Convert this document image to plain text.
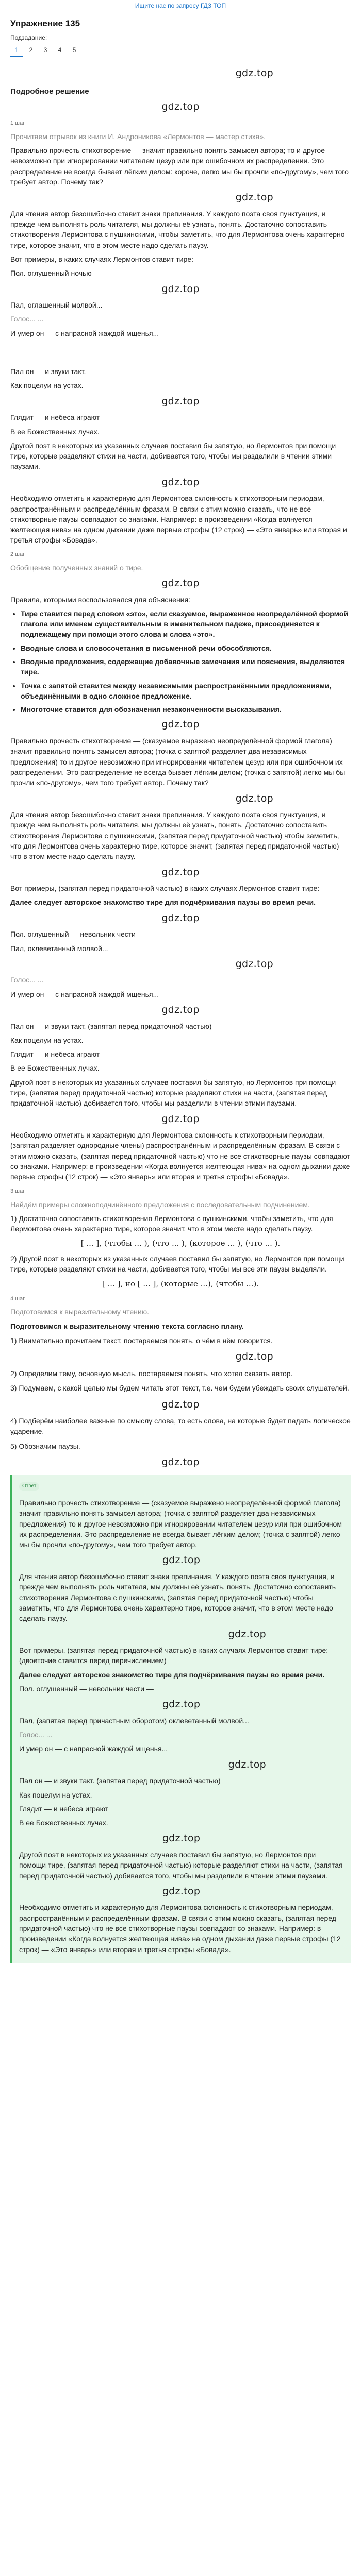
Ищите нас по запросу ГДЗ ТОП
Упражнение 135
Подзадание:
1	2	3	4	5
gdz.top
Подробное решение
gdz.top
1 шаг

Прочитаем отрывок из книги И. Андроникова «Лермонтов — мастер стиха».

Правильно прочесть стихотворение — значит правильно понять замысел автора; то и другое невозможно при игнорировании читателем цезур или при ошибочном их распределении. Это распределение не всегда бывает лёгким делом: короче, легко мы бы прочли «по-другому», чем того требует автор. Почему так?

gdz.top

Для чтения автор безошибочно ставит знаки препинания. У каждого поэта своя пунктуация, и прежде чем выполнять роль читателя, мы должны её узнать, понять. Достаточно сопоставить стихотворения Лермонтова с пушкинскими, чтобы заметить, что для Лермонтова очень характерно тире, которое значит, что в этом месте надо сделать паузу.

Вот примеры, в каких случаях Лермонтов ставит тире:

Пол. оглушенный ночью —

gdz.top

Пал, оглашенный молвой...

Голос... ...

И умер он — с напрасной жаждой мщенья...

Пал он — и звуки такт.

Как поцелуи на устах.

gdz.top

Глядит — и небеса играют

В ее Божественных лучах.

Другой поэт в некоторых из указанных случаев поставил бы запятую, но Лермонтов при помощи тире, которые разделяют стихи на части, добивается того, чтобы мы разделили в чтении этими паузами.

gdz.top

Необходимо отметить и характерную для Лермонтова склонность к стихотворным периодам, распространённым и распределённым фразам. В связи с этим можно сказать, что не все стихотворные паузы совпадают со знаками. Например: в произведении «Когда волнуется желтеющая нива» на одном дыхании даже первые строфы (12 строк) — «Это январь» или вторая и третья строфы «Бовада».

2 шаг

Обобщение полученных знаний о тире.

gdz.top

Правила, которыми воспользовался для объяснения:

• Тире ставится перед словом «это», если сказуемое, выраженное неопределённой формой глагола или именем существительным в именительном падеже, присоединяется к подлежащему при помощи этого слова и слова «это».
• Вводные слова и словосочетания в письменной речи обособляются.
• Вводные предложения, содержащие добавочные замечания или пояснения, выделяются тире.
• Точка с запятой ставится между независимыми распространёнными предложениями, объединёнными в одно сложное предложение.
• Многоточие ставится для обозначения незаконченности высказывания.
gdz.top

Правильно прочесть стихотворение — (сказуемое выражено неопределённой формой глагола) значит правильно понять замысел автора; (точка с запятой разделяет два независимых предложения) то и другое невозможно при игнорировании читателем цезур или при ошибочном их распределении. Это распределение не всегда бывает лёгким делом; (точка с запятой) легко мы бы прочли «по-другому», чем того требует автор. Почему так?

gdz.top

Для чтения автор безошибочно ставит знаки препинания. У каждого поэта своя пунктуация, и прежде чем выполнять роль читателя, мы должны её узнать, понять. Достаточно сопоставить стихотворения Лермонтова с пушкинскими, (запятая перед придаточной частью) чтобы заметить, что для Лермонтова очень характерно тире, которое значит, (запятая перед придаточной частью) что в этом месте надо сделать паузу.

gdz.top

Вот примеры, (запятая перед придаточной частью) в каких случаях Лермонтов ставит тире:

Далее следует авторское знакомство тире для подчёркивания паузы во время речи.

gdz.top

Пол. оглушенный — невольник чести —

Пал, оклеветанный молвой...

gdz.top

Голос... ...

И умер он — с напрасной жаждой мщенья...

gdz.top

Пал он — и звуки такт. (запятая перед придаточной частью)

Как поцелуи на устах.

Глядит — и небеса играют

В ее Божественных лучах.

Другой поэт в некоторых из указанных случаев поставил бы запятую, но Лермонтов при помощи тире, (запятая перед придаточной частью) которые разделяют стихи на части, (запятая перед придаточной частью) добивается того, чтобы мы разделили в чтении этими паузами.

gdz.top

Необходимо отметить и характерную для Лермонтова склонность к стихотворным периодам, (запятая разделяет однородные члены) распространённым и распределённым фразам. В связи с этим можно сказать, (запятая перед придаточной частью) что не все стихотворные паузы совпадают со знаками. Например: в произведении «Когда волнуется желтеющая нива» на одном дыхании даже первые строфы (12 строк) — «Это январь» или вторая и третья строфы «Бовада».

3 шаг

Найдём примеры сложноподчинённого предложения с последовательным подчинением.

1) Достаточно сопоставить стихотворения Лермонтова с пушкинскими, чтобы заметить, что для Лермонтова очень характерно тире, которое значит, что в этом месте надо сделать паузу.

[ ... ], (чтобы ... ), (что ... ), (которое ... ), (что ... ).

2) Другой поэт в некоторых из указанных случаев поставил бы запятую, но Лермонтов при помощи тире, которые разделяют стихи на части, добивается того, чтобы мы все эти паузы выделяли.

[ ... ], но [ ... ], (которые ...), (чтобы ...).
4 шаг

Подготовимся к выразительному чтению.

Подготовимся к выразительному чтению текста согласно плану.

1) Внимательно прочитаем текст, постараемся понять, о чём в нём говорится.

gdz.top

2) Определим тему, основную мысль, постараемся понять, что хотел сказать автор.

3) Подумаем, с какой целью мы будем читать этот текст, т.е. чем будем убеждать своих слушателей.

gdz.top

4) Подберём наиболее важные по смыслу слова, то есть слова, на которые будет падать логическое ударение.

5) Обозначим паузы.

gdz.top
Ответ

Правильно прочесть стихотворение — (сказуемое выражено неопределённой формой глагола) значит правильно понять замысел автора; (точка с запятой разделяет два независимых предложения) то и другое невозможно при игнорировании читателем цезур или при ошибочном их распределении. Это распределение не всегда бывает лёгким делом; (точка с запятой) легко мы бы прочли «по-другому», чем того требует автор.

gdz.top

Для чтения автор безошибочно ставит знаки препинания. У каждого поэта своя пунктуация, и прежде чем выполнять роль читателя, мы должны её узнать, понять. Достаточно сопоставить стихотворения Лермонтова с пушкинскими, (запятая перед придаточной частью) чтобы заметить, что для Лермонтова очень характерно тире, которое значит, что в этом месте надо сделать паузу.

gdz.top

Вот примеры, (запятая перед придаточной частью) в каких случаях Лермонтов ставит тире: (двоеточие ставится перед перечислением)

Далее следует авторское знакомство тире для подчёркивания паузы во время речи.

Пол. оглушенный — невольник чести —

gdz.top

Пал, (запятая перед причастным оборотом) оклеветанный молвой...

Голос... ...

И умер он — с напрасной жаждой мщенья...

gdz.top

Пал он — и звуки такт. (запятая перед придаточной частью)

Как поцелуи на устах.

Глядит — и небеса играют

В ее Божественных лучах.

gdz.top

Другой поэт в некоторых из указанных случаев поставил бы запятую, но Лермонтов при помощи тире, (запятая перед придаточной частью) которые разделяют стихи на части, (запятая перед придаточной частью) добивается того, чтобы мы разделили в чтении этими паузами.

gdz.top

Необходимо отметить и характерную для Лермонтова склонность к стихотворным периодам, распространённым и распределённым фразам. В связи с этим можно сказать, (запятая перед придаточной частью) что не все стихотворные паузы совпадают со знаками. Например: в произведении «Когда волнуется желтеющая нива» на одном дыхании даже первые строфы (12 строк) — «Это январь» или вторая и третья строфы «Бовада».
